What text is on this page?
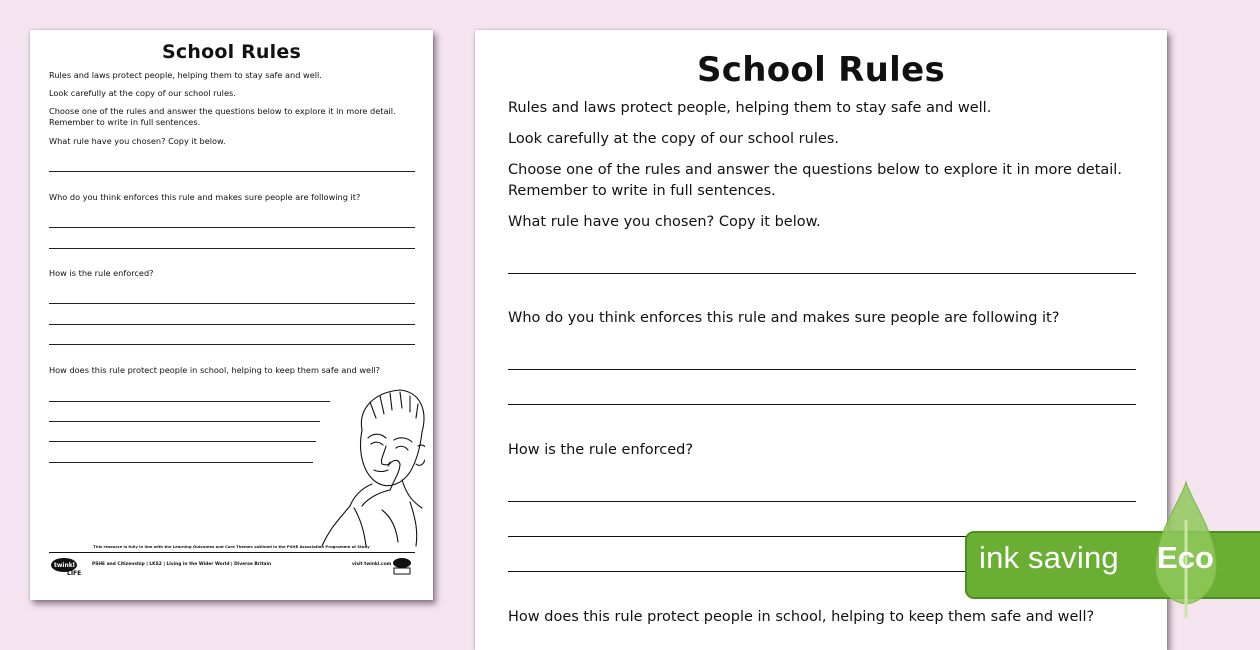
School Rules
Rules and laws protect people, helping them to stay safe and well.
Look carefully at the copy of our school rules.
Choose one of the rules and answer the questions below to explore it in more detail. Remember to write in full sentences.
What rule have you chosen? Copy it below.
Who do you think enforces this rule and makes sure people are following it?
How is the rule enforced?
How does this rule protect people in school, helping to keep them safe and well?
This resource is fully in line with the Learning Outcomes and Core Themes outlined in the PSHE Association Programme of Study
twinkl
LIFE
PSHE and Citizenship | LKS2 | Living in the Wider World | Diverse Britain	visit twinkl.com
School Rules
Rules and laws protect people, helping them to stay safe and well.
Look carefully at the copy of our school rules.
Choose one of the rules and answer the questions below to explore it in more detail. Remember to write in full sentences.
What rule have you chosen? Copy it below.
Who do you think enforces this rule and makes sure people are following it?
How is the rule enforced?
How does this rule protect people in school, helping to keep them safe and well?
ink saving Eco
